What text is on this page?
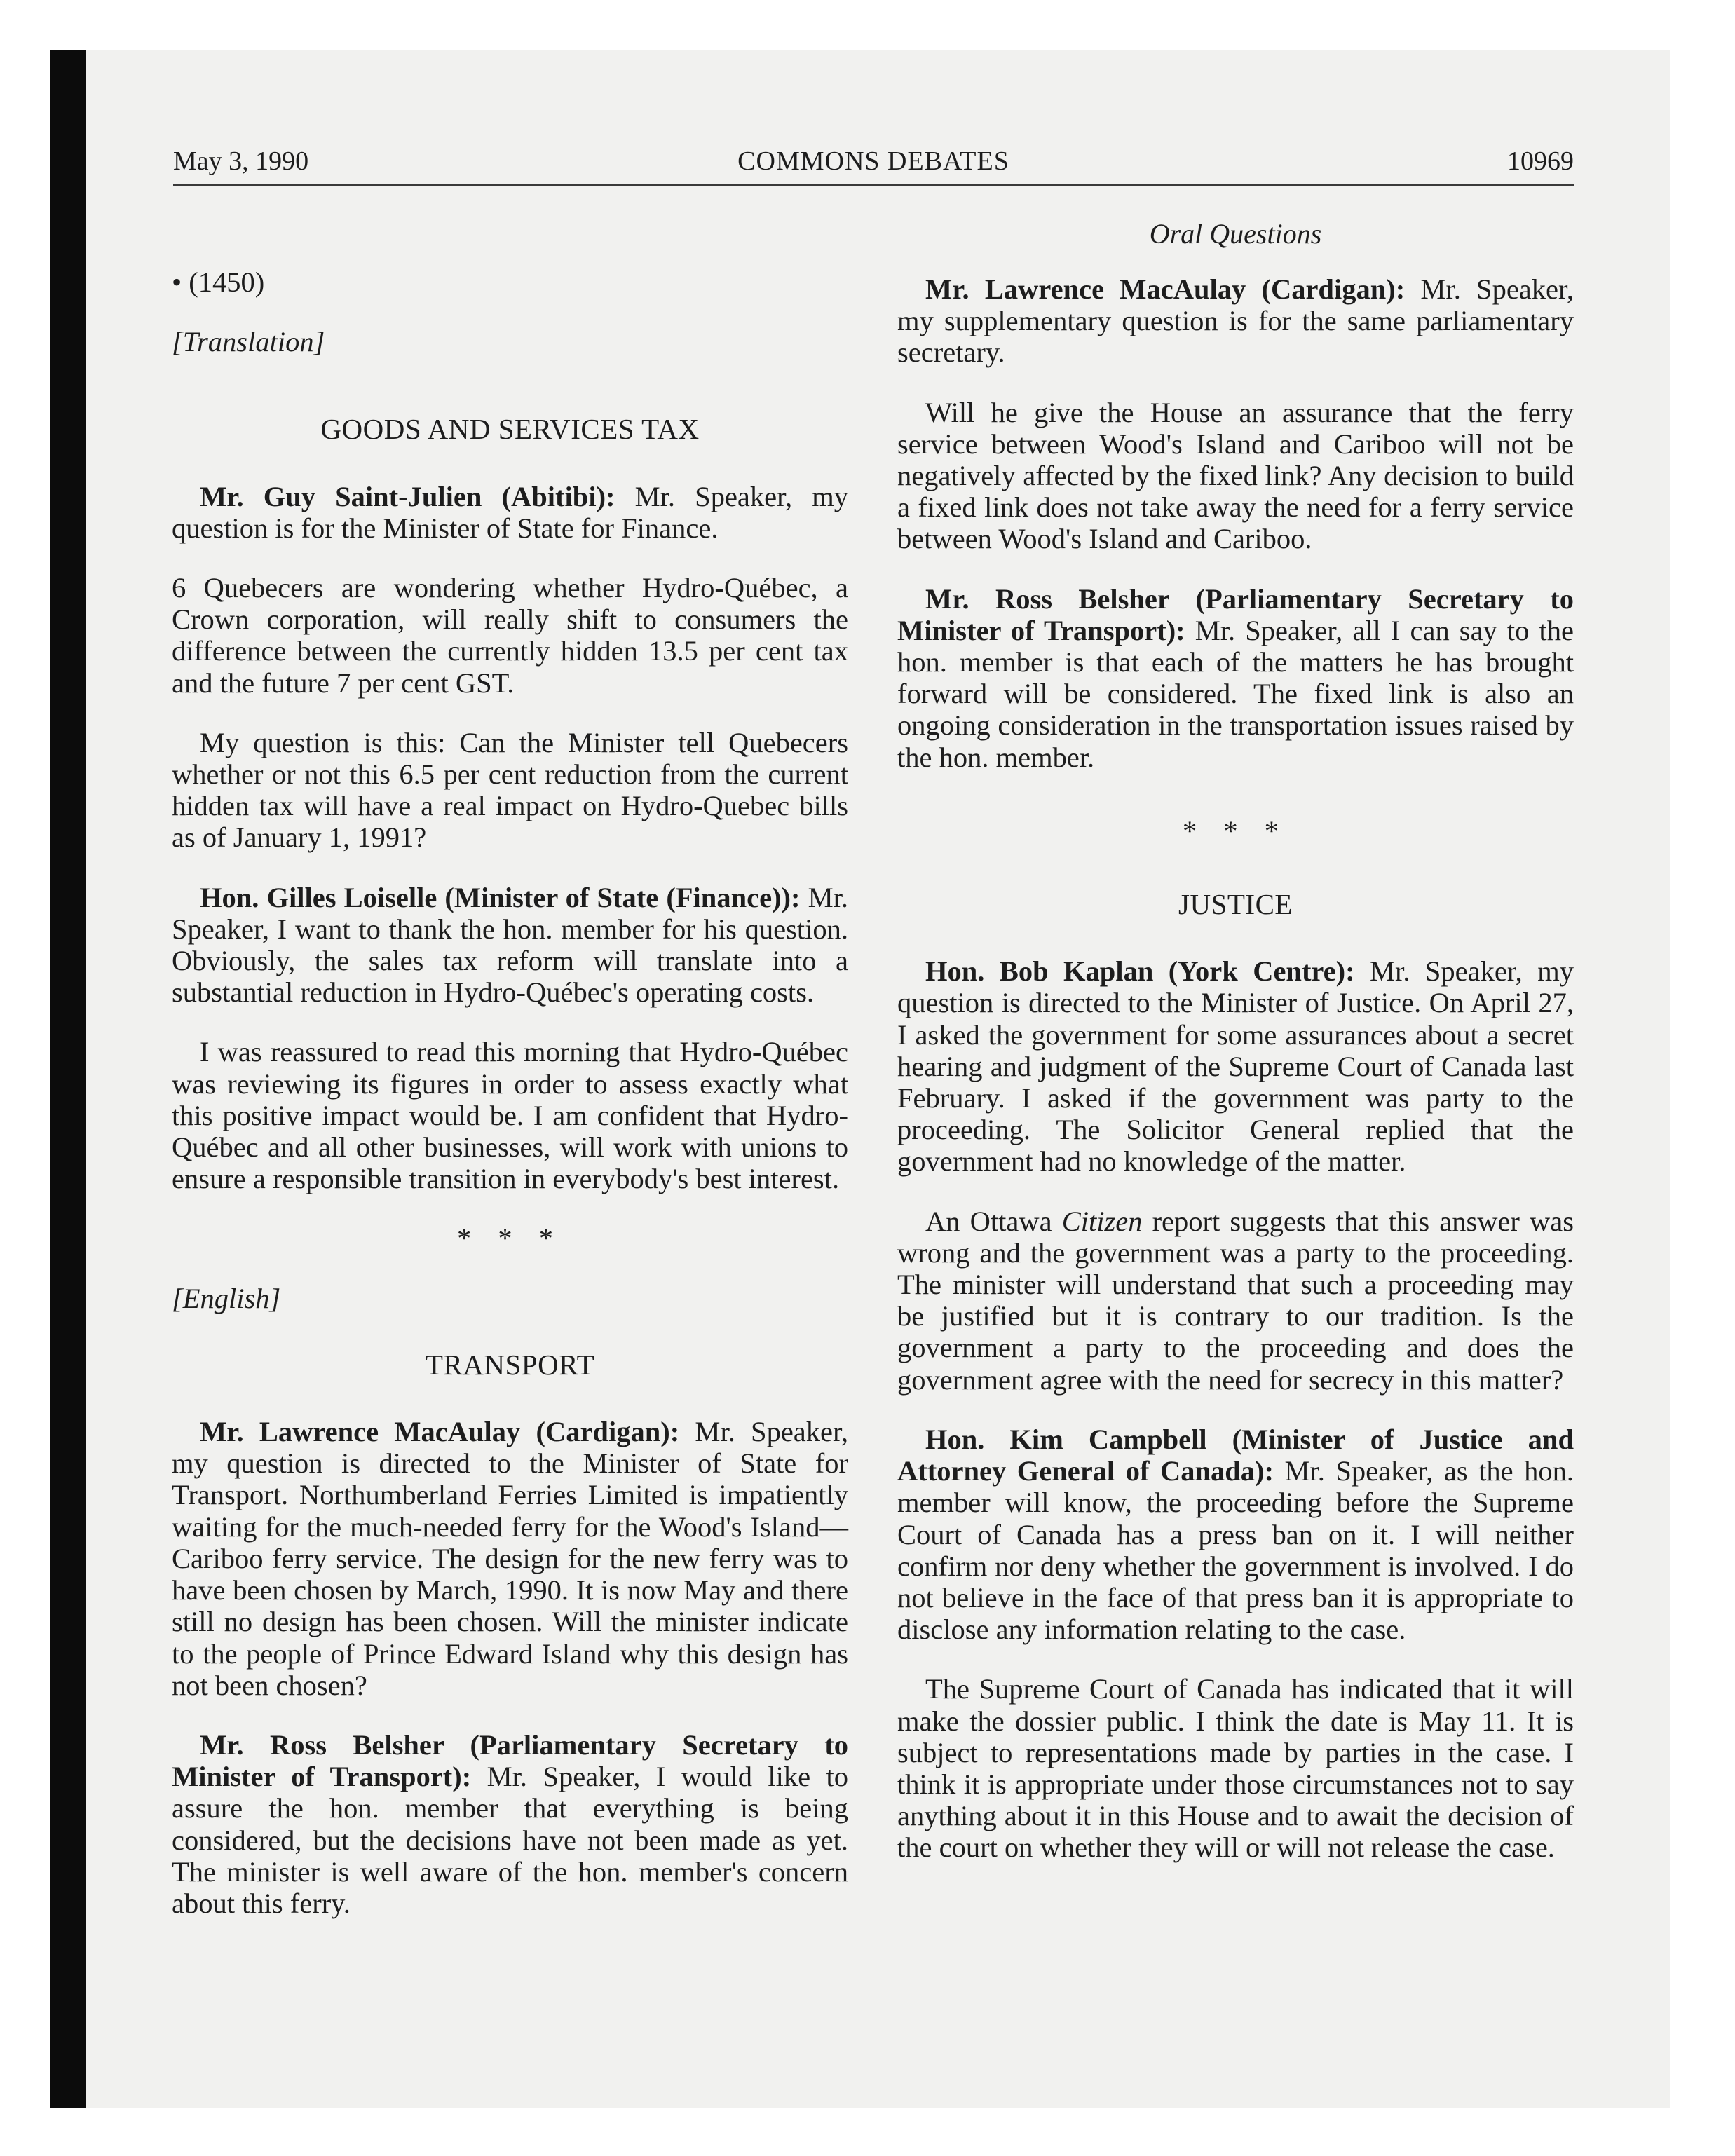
May 3, 1990	COMMONS DEBATES	10969
Oral Questions
• (1450)
[Translation]
GOODS AND SERVICES TAX

Mr. Guy Saint-Julien (Abitibi): Mr. Speaker, my question is for the Minister of State for Finance.

6 Quebecers are wondering whether Hydro-Québec, a Crown corporation, will really shift to consumers the difference between the currently hidden 13.5 per cent tax and the future 7 per cent GST.

My question is this: Can the Minister tell Quebecers whether or not this 6.5 per cent reduction from the current hidden tax will have a real impact on Hydro-Quebec bills as of January 1, 1991?

Hon. Gilles Loiselle (Minister of State (Finance)): Mr. Speaker, I want to thank the hon. member for his question. Obviously, the sales tax reform will translate into a substantial reduction in Hydro-Québec's operating costs.

I was reassured to read this morning that Hydro-Québec was reviewing its figures in order to assess exactly what this positive impact would be. I am confident that Hydro-Québec and all other businesses, will work with unions to ensure a responsible transition in everybody's best interest.

* * *
[English]
TRANSPORT

Mr. Lawrence MacAulay (Cardigan): Mr. Speaker, my question is directed to the Minister of State for Transport. Northumberland Ferries Limited is impatiently waiting for the much-needed ferry for the Wood's Island—Cariboo ferry service. The design for the new ferry was to have been chosen by March, 1990. It is now May and there still no design has been chosen. Will the minister indicate to the people of Prince Edward Island why this design has not been chosen?

Mr. Ross Belsher (Parliamentary Secretary to Minister of Transport): Mr. Speaker, I would like to assure the hon. member that everything is being considered, but the decisions have not been made as yet. The minister is well aware of the hon. member's concern about this ferry.

Mr. Lawrence MacAulay (Cardigan): Mr. Speaker, my supplementary question is for the same parliamentary secretary.

Will he give the House an assurance that the ferry service between Wood's Island and Cariboo will not be negatively affected by the fixed link? Any decision to build a fixed link does not take away the need for a ferry service between Wood's Island and Cariboo.

Mr. Ross Belsher (Parliamentary Secretary to Minister of Transport): Mr. Speaker, all I can say to the hon. member is that each of the matters he has brought forward will be considered. The fixed link is also an ongoing consideration in the transportation issues raised by the hon. member.

* * *
JUSTICE

Hon. Bob Kaplan (York Centre): Mr. Speaker, my question is directed to the Minister of Justice. On April 27, I asked the government for some assurances about a secret hearing and judgment of the Supreme Court of Canada last February. I asked if the government was party to the proceeding. The Solicitor General replied that the government had no knowledge of the matter.

An Ottawa Citizen report suggests that this answer was wrong and the government was a party to the proceeding. The minister will understand that such a proceeding may be justified but it is contrary to our tradition. Is the government a party to the proceeding and does the government agree with the need for secrecy in this matter?

Hon. Kim Campbell (Minister of Justice and Attorney General of Canada): Mr. Speaker, as the hon. member will know, the proceeding before the Supreme Court of Canada has a press ban on it. I will neither confirm nor deny whether the government is involved. I do not believe in the face of that press ban it is appropriate to disclose any information relating to the case.

The Supreme Court of Canada has indicated that it will make the dossier public. I think the date is May 11. It is subject to representations made by parties in the case. I think it is appropriate under those circumstances not to say anything about it in this House and to await the decision of the court on whether they will or will not release the case.
